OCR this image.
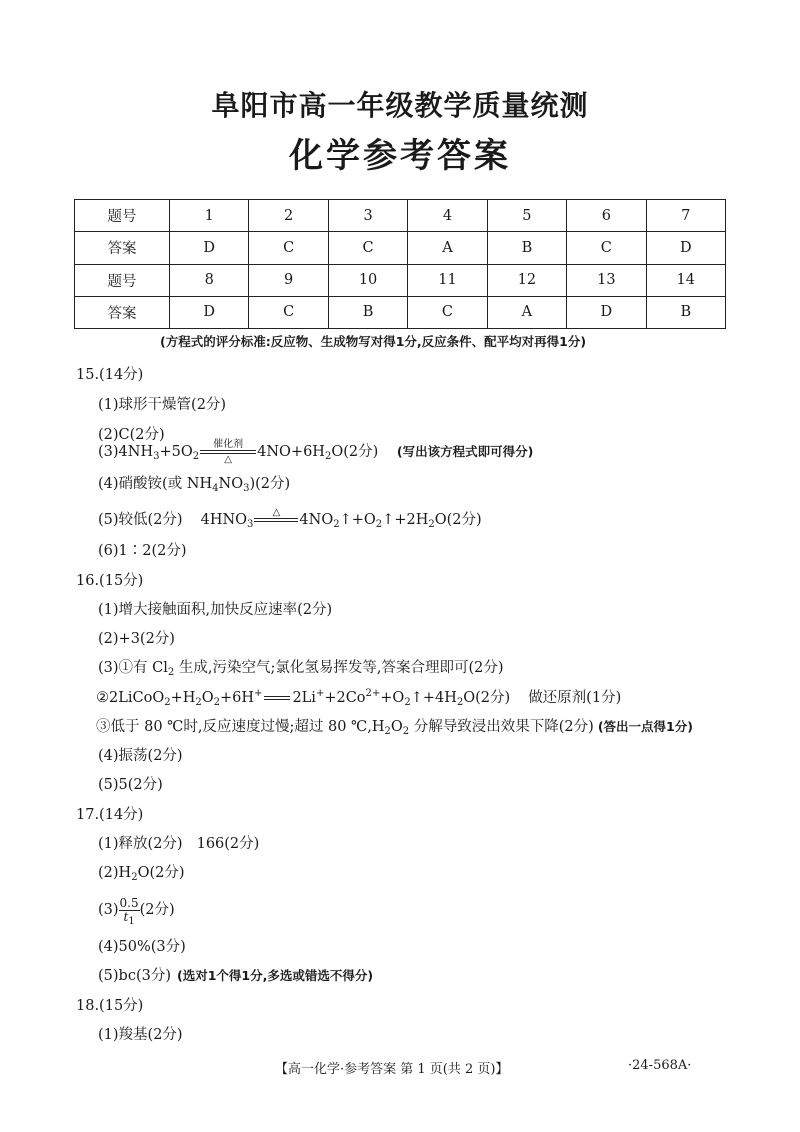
阜阳市高一年级教学质量统测
化学参考答案
题号	1	2	3	4	5	6	7
答案	D	C	C	A	B	C	D
题号	8	9	10	11	12	13	14
答案	D	C	B	C	A	D	B
(方程式的评分标准:反应物、生成物写对得1分,反应条件、配平均对再得1分)
15.(14分)
(1)球形干燥管(2分)
(2)C(2分)
$(3)4NH_3+5O_2$
催化剂
△	$4NO+6H_2O(2$分) (写出该方程式即可得分)
(4)硝酸铵(或 $NH_4NO_3)(2$分)
(5)较低(2分) $4HNO_3$
△
	$4NO_2↑+O_2↑+2H_2O(2$分)
(6)1∶2(2分)
16.(15分)
(1)增大接触面积,加快反应速率(2分)
(2)+3(2分)
(3)①有 $Cl_2$ 生成,污染空气;氯化氢易挥发等,答案合理即可(2分)
$②2LiCoO_2+H_2O_2+6H^+$ $2Li^++2Co^{2+}+O_2↑+4H_2O(2$分) 做还原剂(1分)
③低于 80 ℃时,反应速度过慢;超过 80 $℃,H_2O_2$ 分解导致浸出效果下降(2分) (答出一点得1分)
(4)振荡(2分)
(5)5(2分)
17.(14分)
(1)释放(2分) 166(2分)
$(2)H_2O(2$分)
$(3) \frac{0.5}{t_1} (2$分)
(4)50%(3分)
(5)bc(3分) (选对1个得1分,多选或错选不得分)
18.(15分)
(1)羧基(2分)
【高一化学·参考答案 第 1 页(共 2 页)】	·24-568A·
